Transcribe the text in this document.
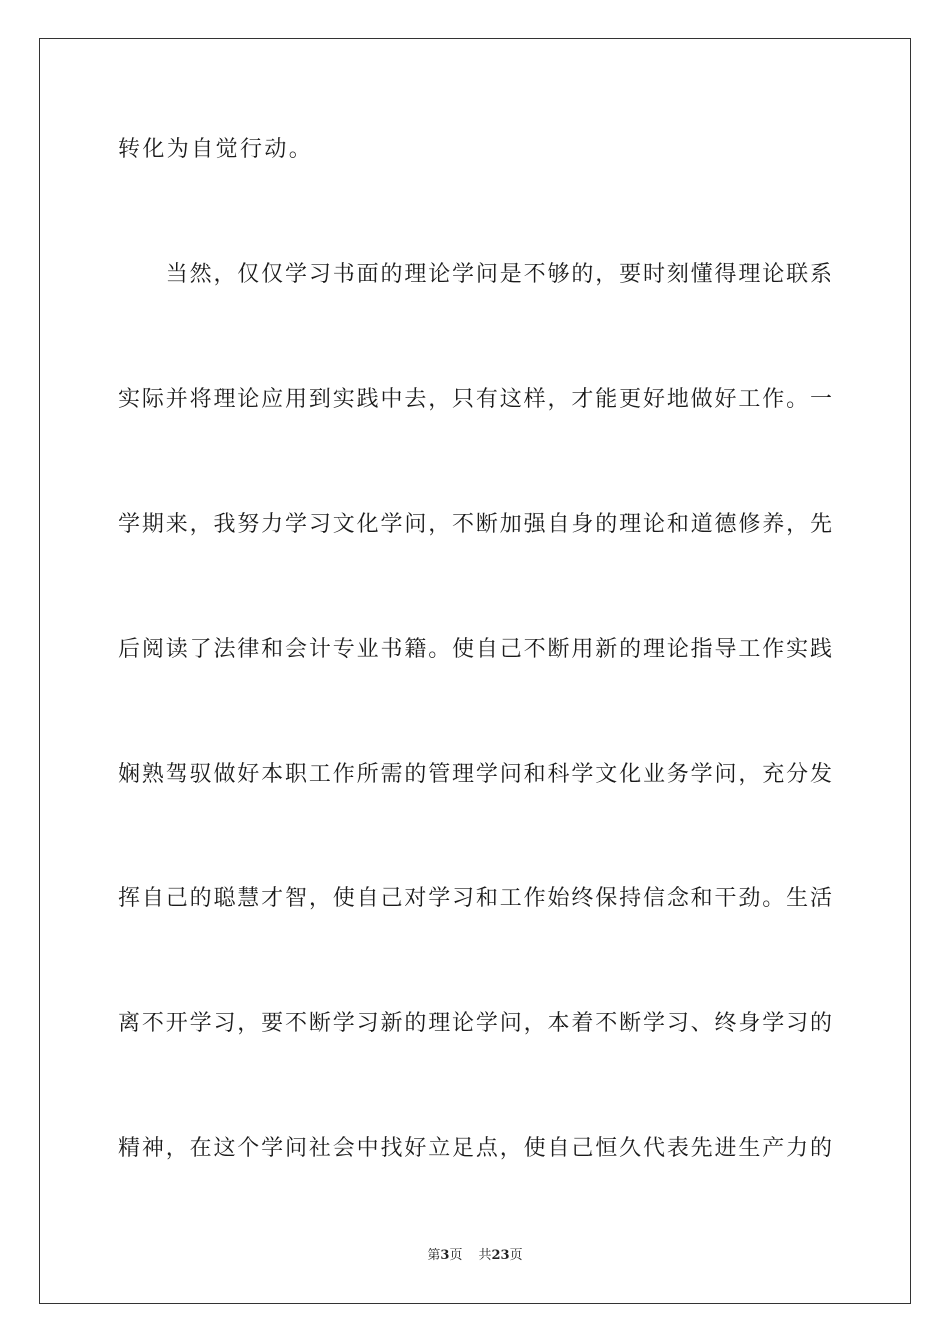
转化为自觉行动。
　　当然，仅仅学习书面的理论学问是不够的，要时刻懂得理论联系
实际并将理论应用到实践中去，只有这样，才能更好地做好工作。一
学期来，我努力学习文化学问，不断加强自身的理论和道德修养，先
后阅读了法律和会计专业书籍。使自己不断用新的理论指导工作实践
娴熟驾驭做好本职工作所需的管理学问和科学文化业务学问，充分发
挥自己的聪慧才智，使自己对学习和工作始终保持信念和干劲。生活
离不开学习，要不断学习新的理论学问，本着不断学习、终身学习的
精神，在这个学问社会中找好立足点，使自己恒久代表先进生产力的
第3页 共23页
